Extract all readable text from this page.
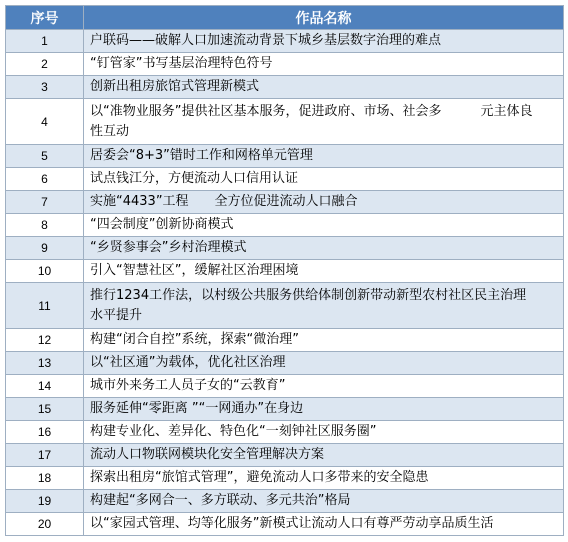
序号	作品名称
1	户联码——破解人口加速流动背景下城乡基层数字治理的难点
2	“钉管家”书写基层治理特色符号
3	创新出租房旅馆式管理新模式
4	以“准物业服务”提供社区基本服务，促进政府、市场、社会多　　　元主体良性互动
5	居委会“8+3”错时工作和网格单元管理
6	试点钱江分，方便流动人口信用认证
7	实施“4433”工程　　全方位促进流动人口融合
8	“四会制度”创新协商模式
9	“乡贤参事会”乡村治理模式
10	引入“智慧社区”，缓解社区治理困境
11	推行1234工作法，以村级公共服务供给体制创新带动新型农村社区民主治理水平提升
12	构建“闭合自控”系统，探索“微治理”
13	以“社区通”为载体，优化社区治理
14	城市外来务工人员子女的“云教育”
15	服务延伸“零距离 ”“一网通办”在身边
16	构建专业化、差异化、特色化“一刻钟社区服务圈”
17	流动人口物联网模块化安全管理解决方案
18	探索出租房“旅馆式管理”，避免流动人口多带来的安全隐患
19	构建起“多网合一、多方联动、多元共治”格局
20	以“家园式管理、均等化服务”新模式让流动人口有尊严劳动享品质生活
